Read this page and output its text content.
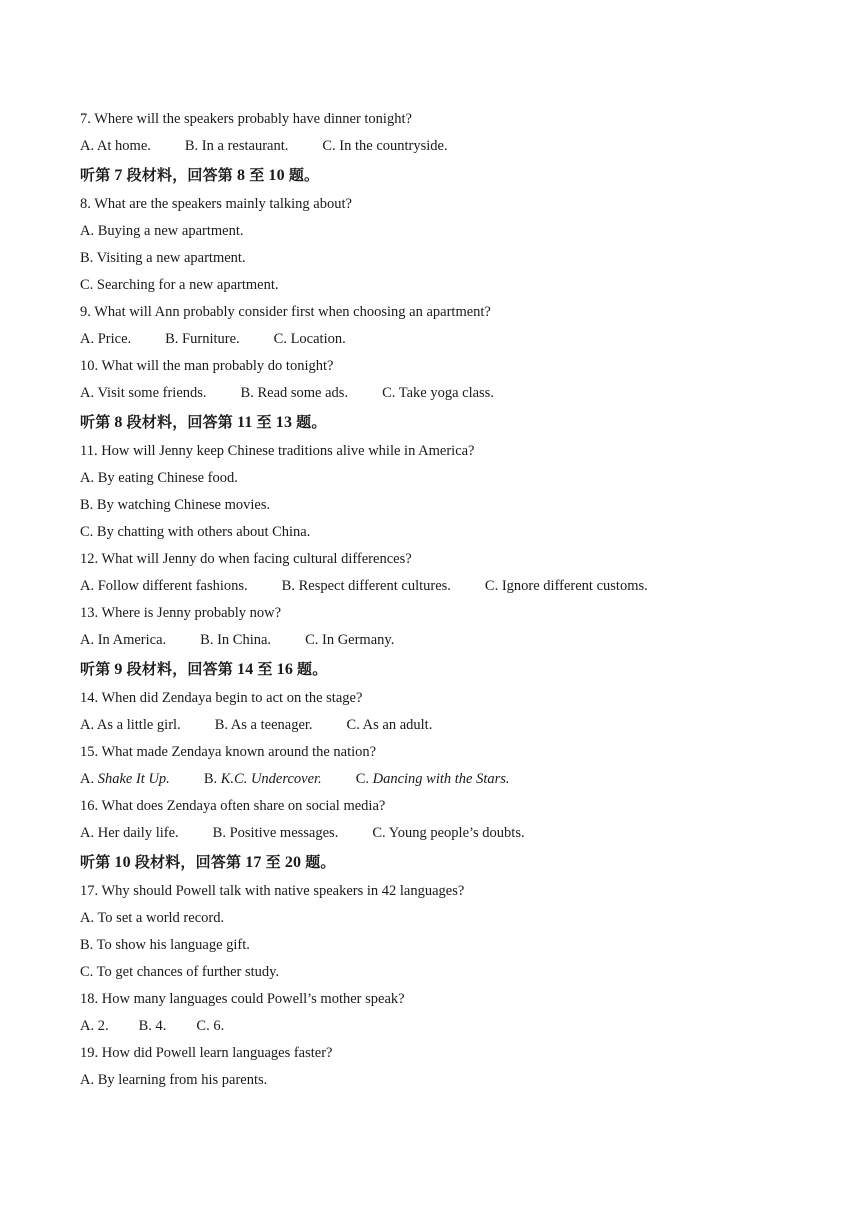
7. Where will the speakers probably have dinner tonight?
A. At home. B. In a restaurant. C. In the countryside.
听第 7 段材料，回答第 8 至 10 题。
8. What are the speakers mainly talking about?
A. Buying a new apartment.
B. Visiting a new apartment.
C. Searching for a new apartment.
9. What will Ann probably consider first when choosing an apartment?
A. Price. B. Furniture. C. Location.
10. What will the man probably do tonight?
A. Visit some friends. B. Read some ads. C. Take yoga class.
听第 8 段材料，回答第 11 至 13 题。
11. How will Jenny keep Chinese traditions alive while in America?
A. By eating Chinese food.
B. By watching Chinese movies.
C. By chatting with others about China.
12. What will Jenny do when facing cultural differences?
A. Follow different fashions. B. Respect different cultures. C. Ignore different customs.
13. Where is Jenny probably now?
A. In America. B. In China. C. In Germany.
听第 9 段材料，回答第 14 至 16 题。
14. When did Zendaya begin to act on the stage?
A. As a little girl. B. As a teenager. C. As an adult.
15. What made Zendaya known around the nation?
A. Shake It Up. B. K.C. Undercover. C. Dancing with the Stars.
16. What does Zendaya often share on social media?
A. Her daily life. B. Positive messages. C. Young people’s doubts.
听第 10 段材料，回答第 17 至 20 题。
17. Why should Powell talk with native speakers in 42 languages?
A. To set a world record.
B. To show his language gift.
C. To get chances of further study.
18. How many languages could Powell’s mother speak?
A. 2. B. 4. C. 6.
19. How did Powell learn languages faster?
A. By learning from his parents.
